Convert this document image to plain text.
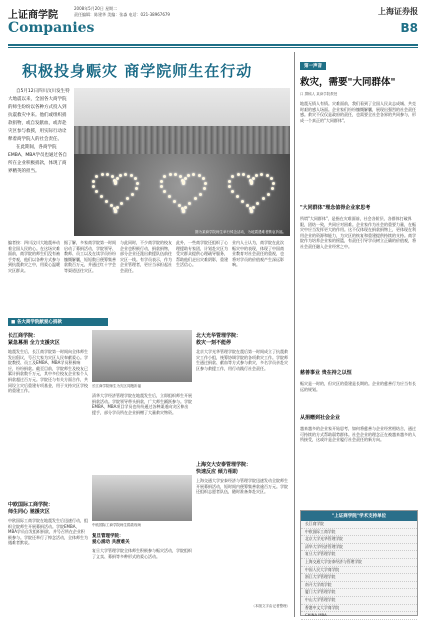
上证商学院
Companies
2008年5月20日 星期二
责任编辑：陈建华 美编：张淼 电话：021-38967679	上海证券报
B8
积极投身赈灾 商学院师生在行动

自5月12日四川汶川发生特大地震以来，全国各大商学院的师生纷纷以各种方式投入到抗震救灾中来。他们或组织捐款捐物，或自发献血，或奔赴灾区参与救援，用实际行动诠释着商学院人的社会责任。

在此期间，各商学院EMBA、MBA学员也通过各自所在企业积极捐款，体现了商界精英的担当。

图为某商学院师生举行悼念活动，为地震遇难者默哀祈福。
编者按：四川汶川大地震牵动着全国人民的心。在这场灾难面前，商学院的师生们没有袖手旁观，他们以各种方式参与到抗震救灾之中，用爱心温暖灾区群众。
据了解，多家商学院第一时间启动了募捐活动，学院领导、教师、员工以及在读学员纷纷慷慨解囊，短短数日便筹集善款数百万元，并通过红十字会等渠道送往灾区。
与此同时，不少商学院的校友企业也积极行动，捐款捐物，部分企业还派出救援队伍前往灾区一线。有学员表示，作为企业管理者，更应当承担起社会责任。
此外，一些商学院还组织了心理援助专家团，计划赴灾区为受灾群众提供心理疏导服务，帮助他们走出灾难阴影，重建生活信心。
业内人士认为，商学院在此次赈灾中的表现，体现了中国商业教育对社会责任的重视，也将对学员的价值观产生深远影响。
■ 各大商学院献爱心捐款
长江商学院：
紧急募捐 全力支援灾区
地震发生后，长江商学院第一时间向全体师生发出倡议，号召大家为灾区人民奉献爱心。学院教授、员工及EMBA、MBA学员积极响应，纷纷捐款。截至目前，学院师生及校友已累计捐款数千万元，其中多位校友企业家个人捐款超过百万元。学院还与有关方面合作，共同设立灾后重建专项基金，用于支持灾区学校的重建工作。
中欧国际工商学院：
师生同心 驰援灾区
中欧国际工商学院在地震发生后迅速行动，组织全院师生开展募捐活动。学院EMBA、MBA学员自发组织捐款，并号召所在企业积极参与。学院还举行了悼念活动，全体师生为遇难者默哀。
长江商学院师生为灾区同胞祈福
清华大学经济管理学院在地震发生后，立即组织师生开展捐款活动。学院领导带头捐款，广大师生踊跃参与。学院EMBA、MBA项目学员也纷纷通过各种渠道向灾区伸出援手，部分学员所在企业捐赠了大量救灾物资。
中欧国际工商学院师生捐款现场
复旦管理学院：
爱心涌动 共渡难关
复旦大学管理学院全体师生积极参与赈灾活动，学院组织了义卖、募捐等多种形式的爱心活动。
北大光华管理学院：
救灾一刻不能停
北京大学光华管理学院在震后第一时间成立了抗震救灾工作小组，统筹协调学院的各项救灾工作。学院师生通过捐款、献血等方式参与救灾，多名学员亲赴灾区参与救援工作，用行动践行社会责任。
上海交大安泰管理学院：
快速反应 倾力相助
上海交通大学安泰经济与管理学院迅速发动全院师生开展募捐活动，短时间内便筹集善款逾百万元。学院还组织志愿者队伍，随时准备奔赴灾区。
（本版文字由记者整理）
第一声音
救灾，需要"大同群体"
口 撰稿人 某商学院教授
地震无情人有情。灾难面前，我们看到了全国人民众志成城、共克时艰的感人场面。企业家们纷纷慷慨解囊，展现出强烈的社会责任感。救灾不仅仅是政府的责任，也需要全社会各界的共同参与，形成一个真正的"大同群体"。
"大同群体"理念值得企业家思考
所谓"大同群体"，是指在灾难面前，社会各阶层、各群体打破界限，团结一致，共同应对困难。企业家作为社会的重要力量，在赈灾中应当发挥更大的作用。这不仅体现在捐款捐物上，更体现在利用企业的资源和能力，为灾区的恢复和重建提供持续的支持。商学院作为培养企业家的摇篮，有责任引导学员树立正确的价值观，将社会责任融入企业经营之中。
慈善事业 贵在持之以恒
赈灾是一时的，但灾区的重建是长期的。企业的慈善行为应当有长远的规划。
从捐赠到社会企业
越来越多的企业家开始思考，如何将慈善与企业经营相结合，通过可持续的方式帮助弱势群体。社会企业的理念正在被越来越多的人所接受，这或许是企业履行社会责任的新方向。
"上证商学院"学术支持单位
长江商学院
中欧国际工商学院
北京大学光华管理学院
清华大学经济管理学院
复旦大学管理学院
上海交通大学安泰经济与管理学院
中国人民大学商学院
浙江大学管理学院
南开大学商学院
厦门大学管理学院
中山大学管理学院
香港中文大学商学院
CHINA MBA
